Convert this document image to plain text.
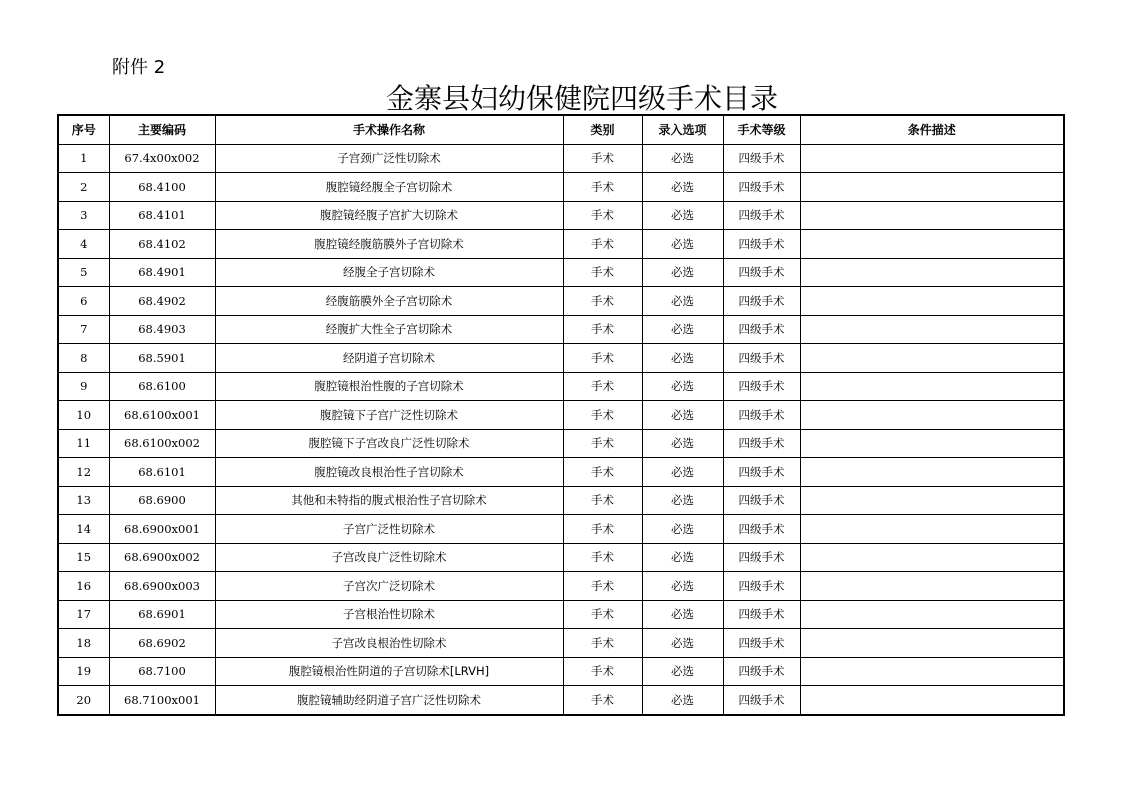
附件 2
金寨县妇幼保健院四级手术目录
序号	主要编码	手术操作名称	类别	录入选项	手术等级	条件描述
1	67.4x00x002	子宫颈广泛性切除术	手术	必选	四级手术	
2	68.4100	腹腔镜经腹全子宫切除术	手术	必选	四级手术	
3	68.4101	腹腔镜经腹子宫扩大切除术	手术	必选	四级手术	
4	68.4102	腹腔镜经腹筋膜外子宫切除术	手术	必选	四级手术	
5	68.4901	经腹全子宫切除术	手术	必选	四级手术	
6	68.4902	经腹筋膜外全子宫切除术	手术	必选	四级手术	
7	68.4903	经腹扩大性全子宫切除术	手术	必选	四级手术	
8	68.5901	经阴道子宫切除术	手术	必选	四级手术	
9	68.6100	腹腔镜根治性腹的子宫切除术	手术	必选	四级手术	
10	68.6100x001	腹腔镜下子宫广泛性切除术	手术	必选	四级手术	
11	68.6100x002	腹腔镜下子宫改良广泛性切除术	手术	必选	四级手术	
12	68.6101	腹腔镜改良根治性子宫切除术	手术	必选	四级手术	
13	68.6900	其他和未特指的腹式根治性子宫切除术	手术	必选	四级手术	
14	68.6900x001	子宫广泛性切除术	手术	必选	四级手术	
15	68.6900x002	子宫改良广泛性切除术	手术	必选	四级手术	
16	68.6900x003	子宫次广泛切除术	手术	必选	四级手术	
17	68.6901	子宫根治性切除术	手术	必选	四级手术	
18	68.6902	子宫改良根治性切除术	手术	必选	四级手术	
19	68.7100	腹腔镜根治性阴道的子宫切除术[LRVH]	手术	必选	四级手术	
20	68.7100x001	腹腔镜辅助经阴道子宫广泛性切除术	手术	必选	四级手术	
